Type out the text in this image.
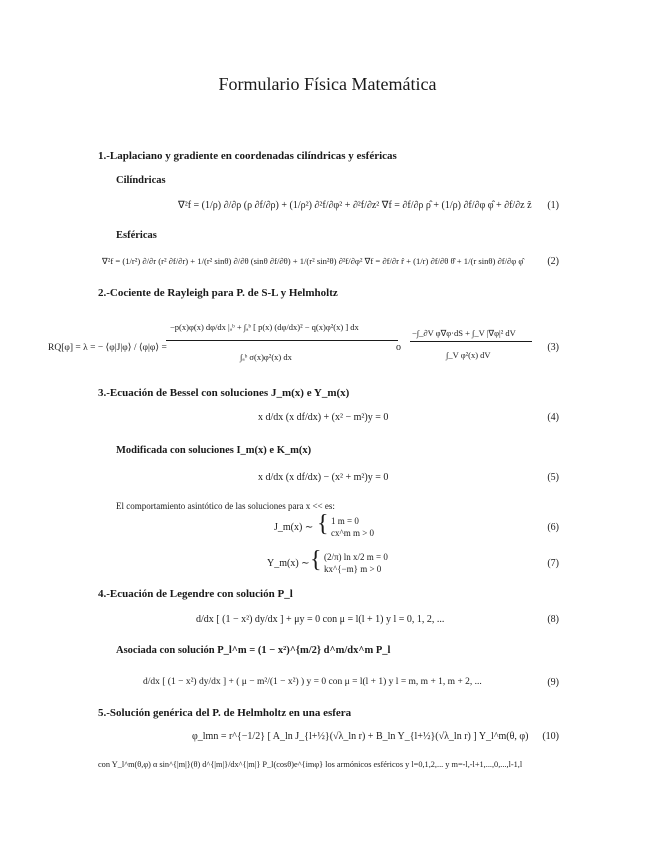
Formulario Física Matemática
1.-Laplaciano y gradiente en coordenadas cilíndricas y esféricas
Cilíndricas
∇²f = (1/ρ) ∂/∂ρ (ρ ∂f/∂ρ) + (1/ρ²) ∂²f/∂φ² + ∂²f/∂z² ∇f = ∂f/∂ρ ρ̂ + (1/ρ) ∂f/∂φ φ̂ + ∂f/∂z ẑ (1)
Esféricas
∇²f = (1/r²) ∂/∂r (r² ∂f/∂r) + 1/(r² sinθ) ∂/∂θ (sinθ ∂f/∂θ) + 1/(r² sin²θ) ∂²f/∂φ² ∇f = ∂f/∂r r̂ + (1/r) ∂f/∂θ θ̂ + 1/(r sinθ) ∂f/∂φ φ̂ (2)
2.-Cociente de Rayleigh para P. de S-L y Helmholtz
RQ[φ] = λ = − ⟨φ|J|φ⟩ / ⟨φ|φ⟩ =
−p(x)φ(x) dφ/dx |ₐᵇ + ∫ₐᵇ [ p(x) (dφ/dx)² − q(x)φ²(x) ] dx
∫ₐᵇ σ(x)φ²(x) dx
o
−∫_∂V φ∇φ·dS + ∫_V |∇φ|² dV
∫_V φ²(x) dV
(3)
3.-Ecuación de Bessel con soluciones J_m(x) e Y_m(x)
x d/dx (x df/dx) + (x² − m²)y = 0	(4)
Modificada con soluciones I_m(x) e K_m(x)
x d/dx (x df/dx) − (x² + m²)y = 0	(5)
El comportamiento asintótico de las soluciones para x << es:
J_m(x) ∼ { 1 m = 0
cx^m m > 0	(6)
Y_m(x) ∼ { (2/π) ln x/2 m = 0
kx^{−m} m > 0	(7)
4.-Ecuación de Legendre con solución P_l
d/dx [ (1 − x²) dy/dx ] + μy = 0 con μ = l(l + 1) y l = 0, 1, 2, ...	(8)
Asociada con solución P_l^m = (1 − x²)^{m/2} d^m/dx^m P_l
d/dx [ (1 − x²) dy/dx ] + ( μ − m²/(1 − x²) ) y = 0 con μ = l(l + 1) y l = m, m + 1, m + 2, ...	(9)
5.-Solución genérica del P. de Helmholtz en una esfera
φ_lmn = r^{−1/2} [ A_ln J_{l+½}(√λ_ln r) + B_ln Y_{l+½}(√λ_ln r) ] Y_l^m(θ, φ) (10)
con Y_l^m(θ,φ) α sin^{|m|}(θ) d^{|m|}/dx^{|m|} P_l(cosθ)e^{imφ} los armónicos esféricos y l=0,1,2,... y m=-l,-l+1,...,0,...,l-1,l
